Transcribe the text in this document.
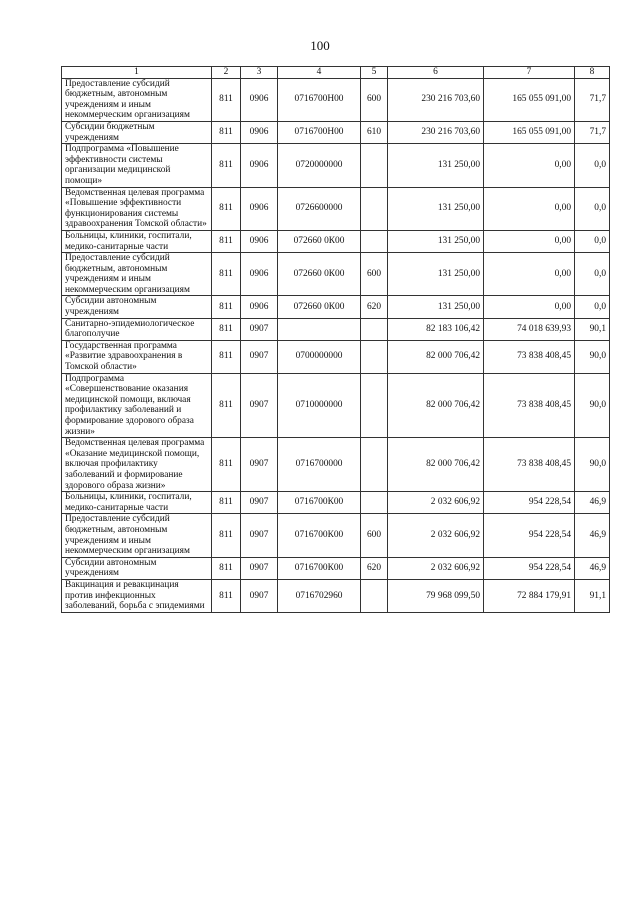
100
1	2	3	4	5	6	7	8
Предоставление субсидий бюджетным, автономным учреждениям и иным некоммерческим организациям	811	0906	0716700Н00	600	230 216 703,60	165 055 091,00	71,7
Субсидии бюджетным учреждениям	811	0906	0716700Н00	610	230 216 703,60	165 055 091,00	71,7
Подпрограмма «Повышение эффективности системы организации медицинской помощи»	811	0906	0720000000		131 250,00	0,00	0,0
Ведомственная целевая программа «Повышение эффективности функционирования системы здравоохранения Томской области»	811	0906	0726600000		131 250,00	0,00	0,0
Больницы, клиники, госпитали, медико-санитарные части	811	0906	072660 0К00		131 250,00	0,00	0,0
Предоставление субсидий бюджетным, автономным учреждениям и иным некоммерческим организациям	811	0906	072660 0К00	600	131 250,00	0,00	0,0
Субсидии автономным учреждениям	811	0906	072660 0К00	620	131 250,00	0,00	0,0
Санитарно-эпидемиологическое благополучие	811	0907			82 183 106,42	74 018 639,93	90,1
Государственная программа «Развитие здравоохранения в Томской области»	811	0907	0700000000		82 000 706,42	73 838 408,45	90,0
Подпрограмма «Совершенствование оказания медицинской помощи, включая профилактику заболеваний и формирование здорового образа жизни»	811	0907	0710000000		82 000 706,42	73 838 408,45	90,0
Ведомственная целевая программа «Оказание медицинской помощи, включая профилактику заболеваний и формирование здорового образа жизни»	811	0907	0716700000		82 000 706,42	73 838 408,45	90,0
Больницы, клиники, госпитали, медико-санитарные части	811	0907	0716700К00		2 032 606,92	954 228,54	46,9
Предоставление субсидий бюджетным, автономным учреждениям и иным некоммерческим организациям	811	0907	0716700К00	600	2 032 606,92	954 228,54	46,9
Субсидии автономным учреждениям	811	0907	0716700К00	620	2 032 606,92	954 228,54	46,9
Вакцинация и ревакцинация против инфекционных заболеваний, борьба с эпидемиями	811	0907	0716702960		79 968 099,50	72 884 179,91	91,1
